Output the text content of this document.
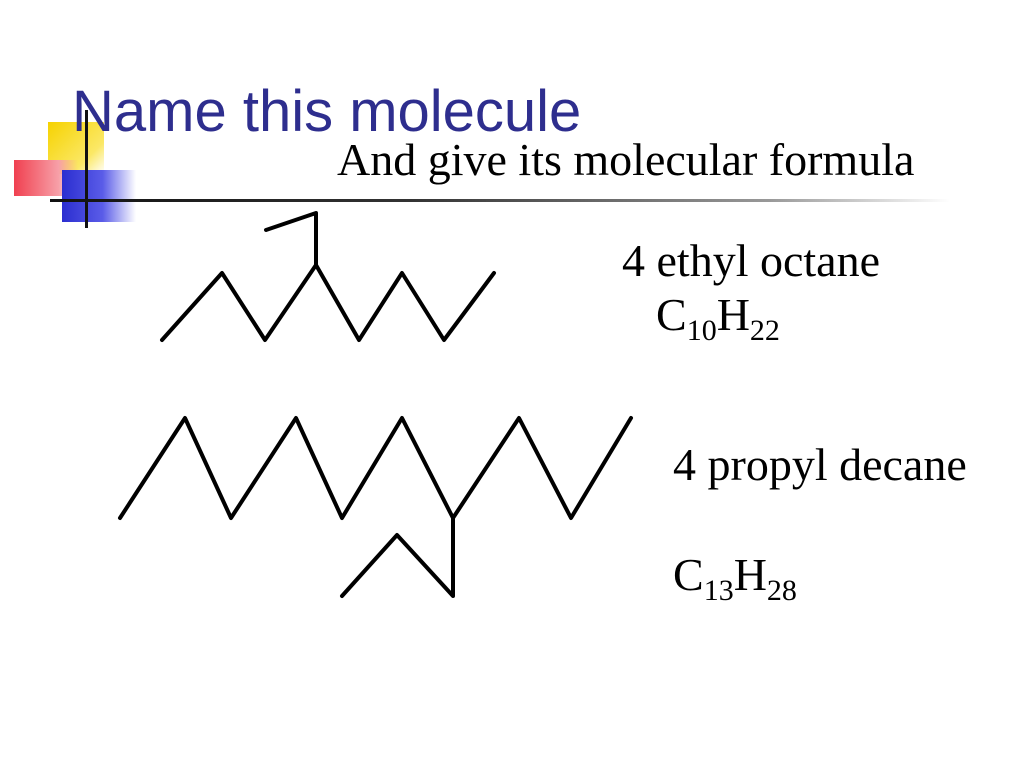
Name this molecule
And give its molecular formula
4 ethyl octane
$C_{10}H_{22}$
4 propyl decane
$C_{13}H_{28}$
